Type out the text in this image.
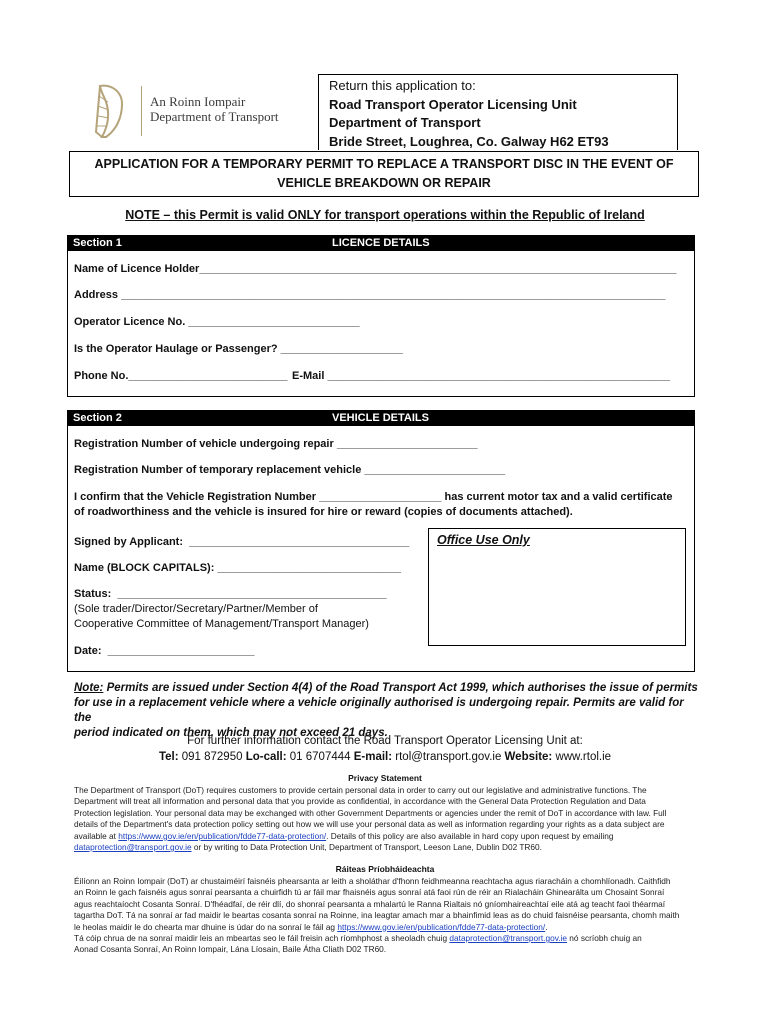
An Roinn Iompair
Department of Transport
Return this application to:
Road Transport Operator Licensing Unit
Department of Transport
Bride Street, Loughrea, Co. Galway H62 ET93
APPLICATION FOR A TEMPORARY PERMIT TO REPLACE A TRANSPORT DISC IN THE EVENT OF
VEHICLE BREAKDOWN OR REPAIR
NOTE – this Permit is valid ONLY for transport operations within the Republic of Ireland
Section 1	LICENCE DETAILS
Name of Licence Holder______________________________________________________________________________
Address _________________________________________________________________________________________
Operator Licence No. ____________________________
Is the Operator Haulage or Passenger? ____________________
Phone No.__________________________ E-Mail ________________________________________________________
Section 2	VEHICLE DETAILS
Registration Number of vehicle undergoing repair _______________________
Registration Number of temporary replacement vehicle _______________________
I confirm that the Vehicle Registration Number ____________________ has current motor tax and a valid certificate
of roadworthiness and the vehicle is insured for hire or reward (copies of documents attached).
Signed by Applicant:  ____________________________________
Name (BLOCK CAPITALS): ______________________________
Status:  ____________________________________________
(Sole trader/Director/Secretary/Partner/Member of
Cooperative Committee of Management/Transport Manager)
Date:  ________________________
Office Use Only
Note: Permits are issued under Section 4(4) of the Road Transport Act 1999, which authorises the issue of permits
for use in a replacement vehicle where a vehicle originally authorised is undergoing repair. Permits are valid for the
period indicated on them, which may not exceed 21 days.
For further information contact the Road Transport Operator Licensing Unit at:
Tel: 091 872950 Lo-call: 01 6707444 E-mail: rtol@transport.gov.ie Website: www.rtol.ie
Privacy Statement
The Department of Transport (DoT) requires customers to provide certain personal data in order to carry out our legislative and administrative functions. The
Department will treat all information and personal data that you provide as confidential, in accordance with the General Data Protection Regulation and Data
Protection legislation. Your personal data may be exchanged with other Government Departments or agencies under the remit of DoT in accordance with law. Full
details of the Department's data protection policy setting out how we will use your personal data as well as information regarding your rights as a data subject are
available at https://www.gov.ie/en/publication/fdde77-data-protection/. Details of this policy are also available in hard copy upon request by emailing
dataprotection@transport.gov.ie or by writing to Data Protection Unit, Department of Transport, Leeson Lane, Dublin D02 TR60.
Ráiteas Príobháideachta
Éilíonn an Roinn Iompair (DoT) ar chustaiméirí faisnéis phearsanta ar leith a sholáthar d'fhonn feidhmeanna reachtacha agus riaracháin a chomhlíonadh. Caithfidh
an Roinn le gach faisnéis agus sonraí pearsanta a chuirfidh tú ar fáil mar fhaisnéis agus sonraí atá faoi rún de réir an Rialacháin Ghinearálta um Chosaint Sonraí
agus reachtaíocht Cosanta Sonraí. D'fhéadfaí, de réir dlí, do shonraí pearsanta a mhalartú le Ranna Rialtais nó gníomhaireachtaí eile atá ag teacht faoi théarmaí
tagartha DoT. Tá na sonraí ar fad maidir le beartas cosanta sonraí na Roinne, ina leagtar amach mar a bhainfimid leas as do chuid faisnéise pearsanta, chomh maith
le heolas maidir le do chearta mar dhuine is údar do na sonraí le fáil ag https://www.gov.ie/en/publication/fdde77-data-protection/.
Tá cóip chrua de na sonraí maidir leis an mbeartas seo le fáil freisin ach ríomhphost a sheoladh chuig dataprotection@transport.gov.ie nó scríobh chuig an
Aonad Cosanta Sonraí, An Roinn Iompair, Lána Líosain, Baile Átha Cliath D02 TR60.
